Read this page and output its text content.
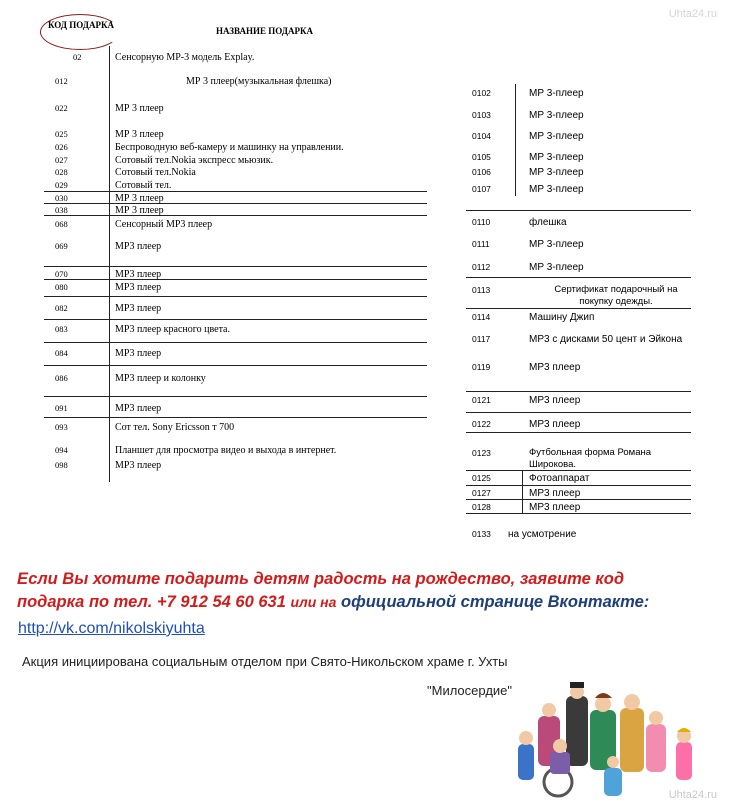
КОД ПОДАРКА
НАЗВАНИЕ ПОДАРКА
02	Сенсорную МР-3 модель Explay.
012	МР 3 плеер(музыкальная флешка)
022	МР 3 плеер
025	МР 3 плеер
026	Беспроводную веб-камеру и машинку на управлении.
027	Сотовый тел.Nokia экспресс мьюзик.
028	Сотовый тел.Nokia
029	Сотовый тел.
030	МР 3 плеер
038	МР 3 плеер
068	Сенсорный МР3 плеер
069	МР3 плеер
070	МР3 плеер
080	МР3 плеер
082	МР3 плеер
083	МР3 плеер красного цвета.
084	МР3 плеер
086	МР3 плеер и колонку
091	МР3 плеер
093	Сот тел. Sony Ericsson т 700
094	Планшет для просмотра видео и выхода в интернет.
098	МР3 плеер
0102	МР 3-плеер
0103	МР 3-плеер
0104	МР 3-плеер
0105	МР 3-плеер
0106	МР 3-плеер
0107	МР 3-плеер
0110	флешка
0111	МР 3-плеер
0112	МР 3-плеер
0113	Сертификат подарочный на покупку одежды.
0114	Машину Джип
0117	МР3 с дисками 50 цент и Эйкона
0119	МР3 плеер
0121	МР3 плеер
0122	МР3 плеер
0123	Футбольная форма Романа Широкова.
0125	Фотоаппарат
0127	МР3 плеер
0128	МР3 плеер
0133 на усмотрение
Если Вы хотите подарить детям радость на рождество, заявите код
подарка по тел. +7 912 54 60 631 или на официальной странице Вконтакте:
http://vk.com/nikolskiyuhta
Акция инициирована социальным отделом при Свято-Никольском храме г. Ухты
"Милосердие"
Uhta24.ru
Uhta24.ru
